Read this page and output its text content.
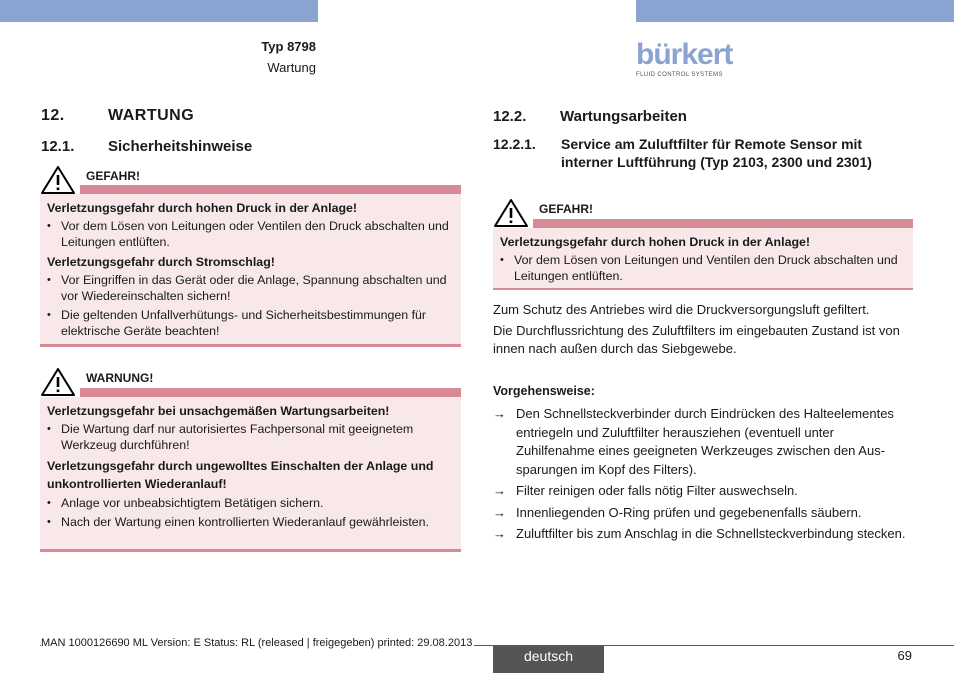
Typ 8798
Wartung	bürkert
FLUID CONTROL SYSTEMS
12.	WARTUNG
12.1. Sicherheitshinweise
GEFAHR!
Verletzungsgefahr durch hohen Druck in der Anlage!
• Vor dem Lösen von Leitungen oder Ventilen den Druck abschalten und Leitungen entlüften.
Verletzungsgefahr durch Stromschlag!
• Vor Eingriffen in das Gerät oder die Anlage, Spannung abschalten und vor Wiedereinschalten sichern!
• Die geltenden Unfallverhütungs- und Sicherheitsbestimmungen für elektrische Geräte beachten!
WARNUNG!
Verletzungsgefahr bei unsachgemäßen Wartungsarbeiten!
• Die Wartung darf nur autorisiertes Fachpersonal mit geeignetem Werkzeug durchführen!
Verletzungsgefahr durch ungewolltes Einschalten der Anlage und unkontrollierten Wiederanlauf!
• Anlage vor unbeabsichtigtem Betätigen sichern.
• Nach der Wartung einen kontrollierten Wiederanlauf gewährleisten.
12.2. Wartungsarbeiten
12.2.1. Service am Zuluftfilter für Remote Sensor mit interner Luftführung (Typ 2103, 2300 und 2301)
GEFAHR!
Verletzungsgefahr durch hohen Druck in der Anlage!
• Vor dem Lösen von Leitungen und Ventilen den Druck abschalten und Leitungen entlüften.
Zum Schutz des Antriebes wird die Druckversorgungsluft gefiltert.
Die Durchflussrichtung des Zuluftfilters im eingebauten Zustand ist von innen nach außen durch das Siebgewebe.
Vorgehensweise:
→ Den Schnellsteckverbinder durch Eindrücken des Halteelementes entriegeln und Zuluftfilter herausziehen (eventuell unter Zuhilfenahme eines geeigneten Werkzeuges zwischen den Aussparungen im Kopf des Filters).
→ Filter reinigen oder falls nötig Filter auswechseln.
→ Innenliegenden O-Ring prüfen und gegebenenfalls säubern.
→ Zuluftfilter bis zum Anschlag in die Schnellsteckverbindung stecken.
MAN 1000126690 ML Version: E Status: RL (released | freigegeben) printed: 29.08.2013
deutsch	69
